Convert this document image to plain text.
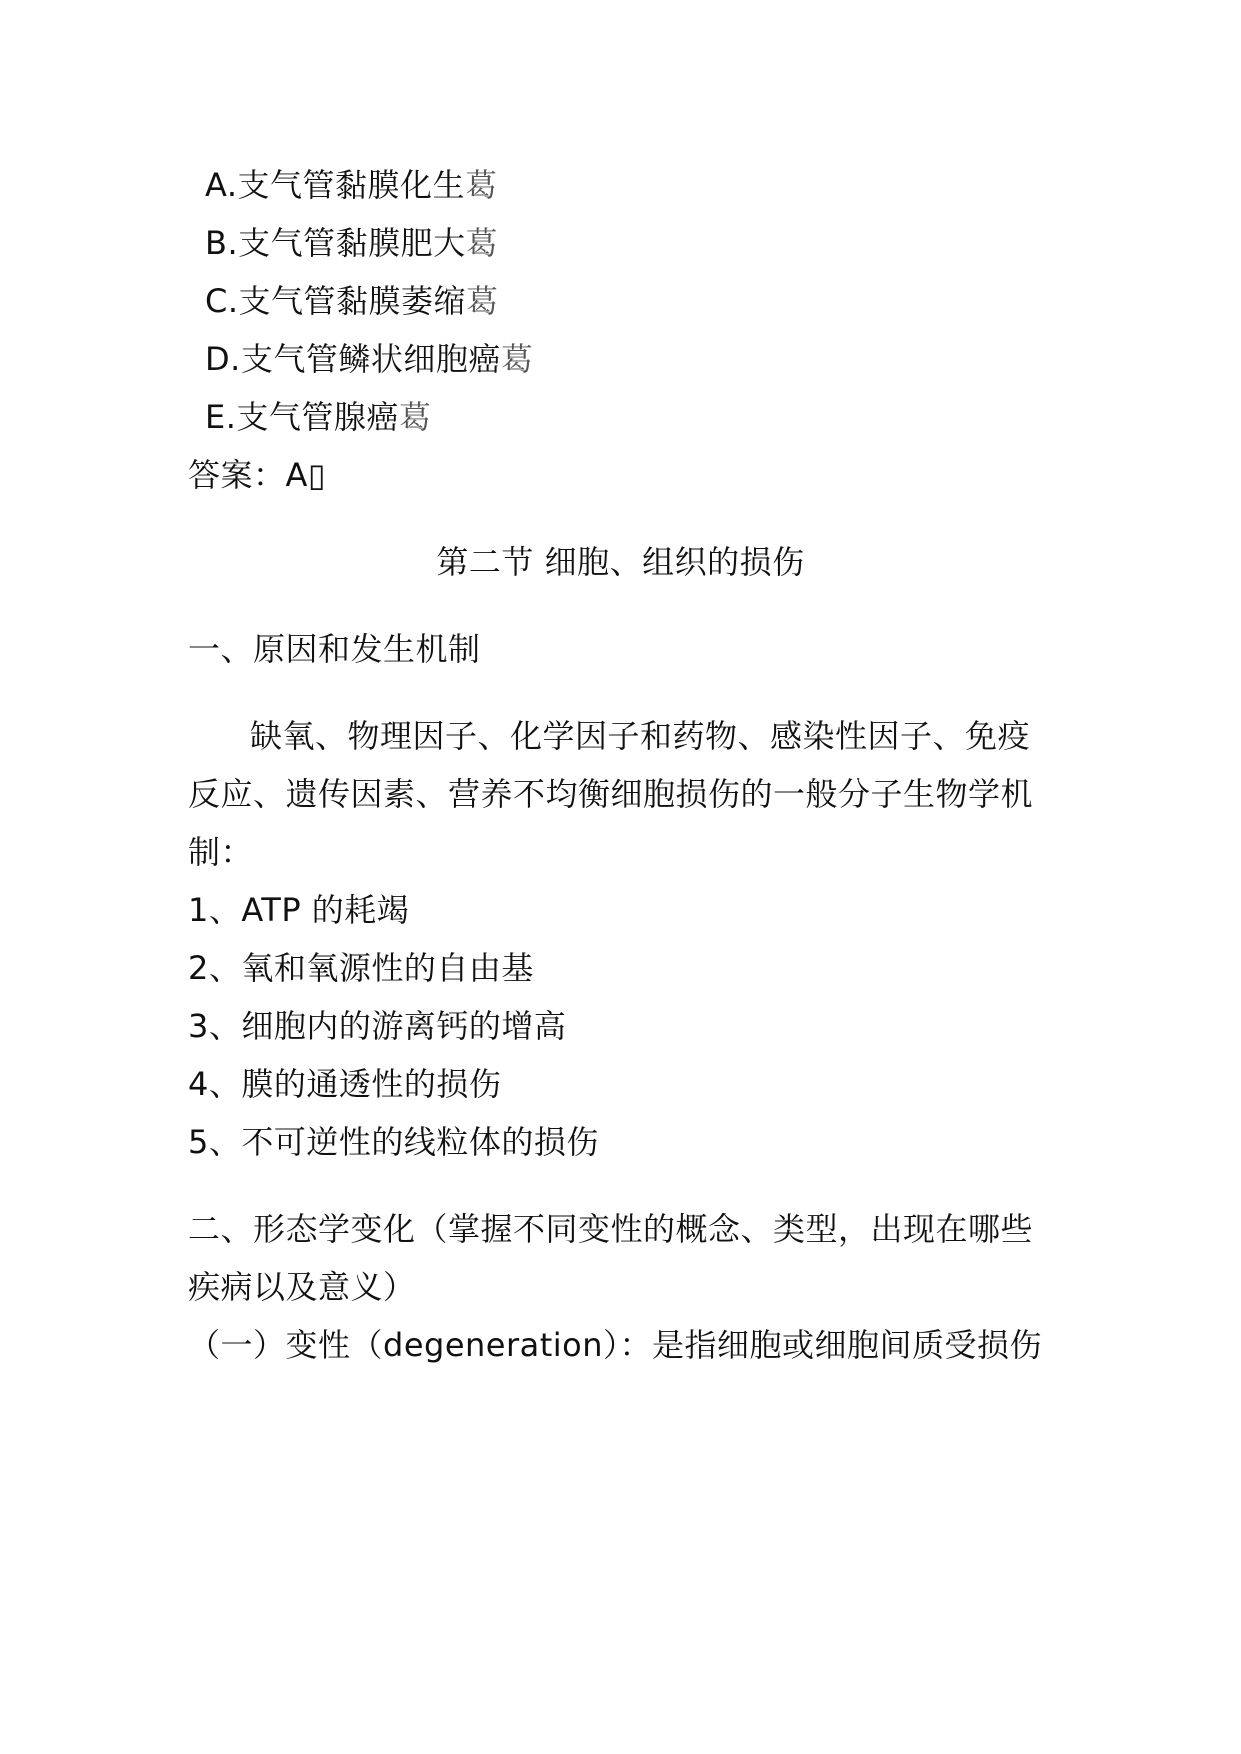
A.支气管黏膜化生葛
B.支气管黏膜肥大葛
C.支气管黏膜萎缩葛
D.支气管鳞状细胞癌葛
E.支气管腺癌葛
答案：A▯
第二节 细胞、组织的损伤
一、原因和发生机制
缺氧、物理因子、化学因子和药物、感染性因子、免疫
反应、遗传因素、营养不均衡细胞损伤的一般分子生物学机
制：
1、ATP 的耗竭
2、氧和氧源性的自由基
3、细胞内的游离钙的增高
4、膜的通透性的损伤
5、不可逆性的线粒体的损伤
二、形态学变化（掌握不同变性的概念、类型，出现在哪些
疾病以及意义）
（一）变性（degeneration）：是指细胞或细胞间质受损伤
